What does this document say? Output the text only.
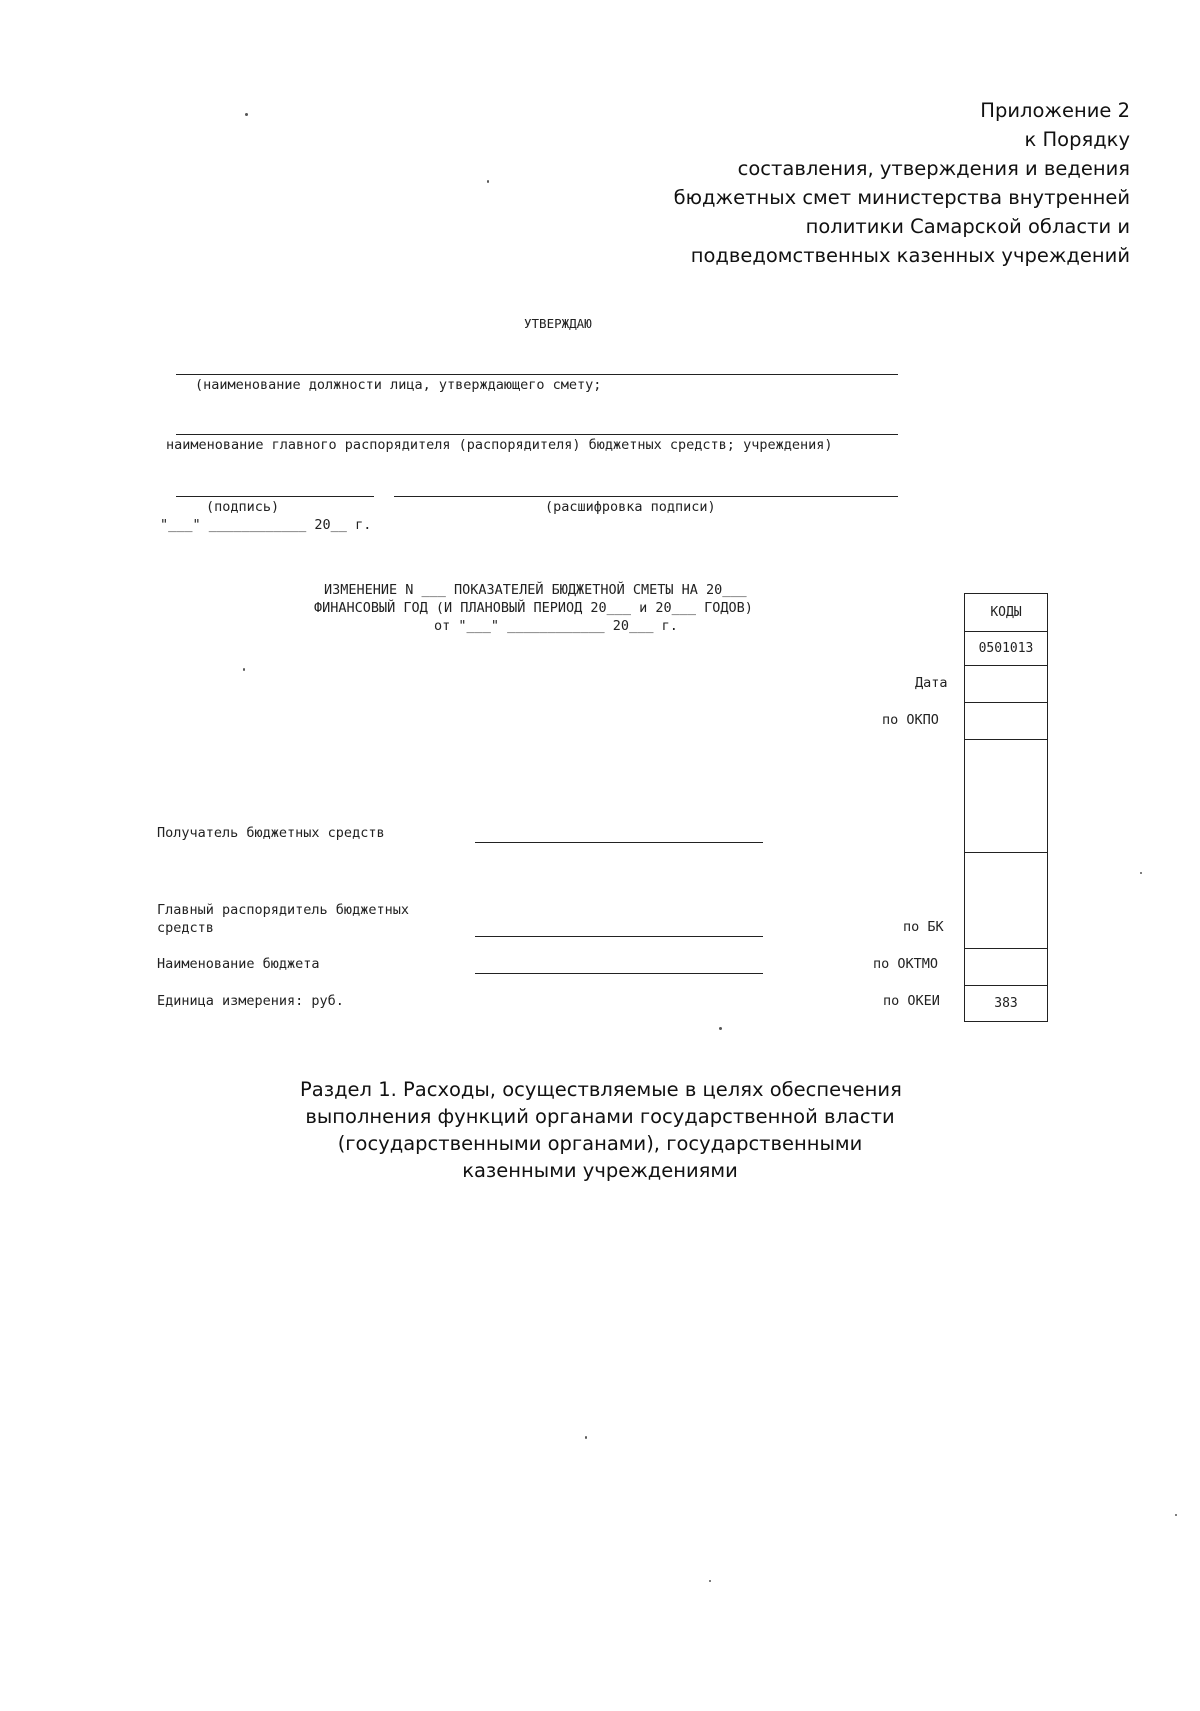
Приложение 2
к Порядку
составления, утверждения и ведения
бюджетных смет министерства внутренней
политики Самарской области и
подведомственных казенных учреждений
УТВЕРЖДАЮ
(наименование должности лица, утверждающего смету;
наименование главного распорядителя (распорядителя) бюджетных средств; учреждения)
(подпись)	(расшифровка подписи)
"___" ____________ 20__ г.
ИЗМЕНЕНИЕ N ___ ПОКАЗАТЕЛЕЙ БЮДЖЕТНОЙ СМЕТЫ НА 20___
ФИНАНСОВЫЙ ГОД (И ПЛАНОВЫЙ ПЕРИОД 20___ и 20___ ГОДОВ)
от "___" ____________ 20___ г.
КОДЫ
0501013
383
Дата
по ОКПО
по БК
по ОКТМО
по ОКЕИ
Получатель бюджетных средств
Главный распорядитель бюджетных
средств
Наименование бюджета
Единица измерения: руб.
Раздел 1. Расходы, осуществляемые в целях обеспечения
выполнения функций органами государственной власти
(государственными органами), государственными
казенными учреждениями
